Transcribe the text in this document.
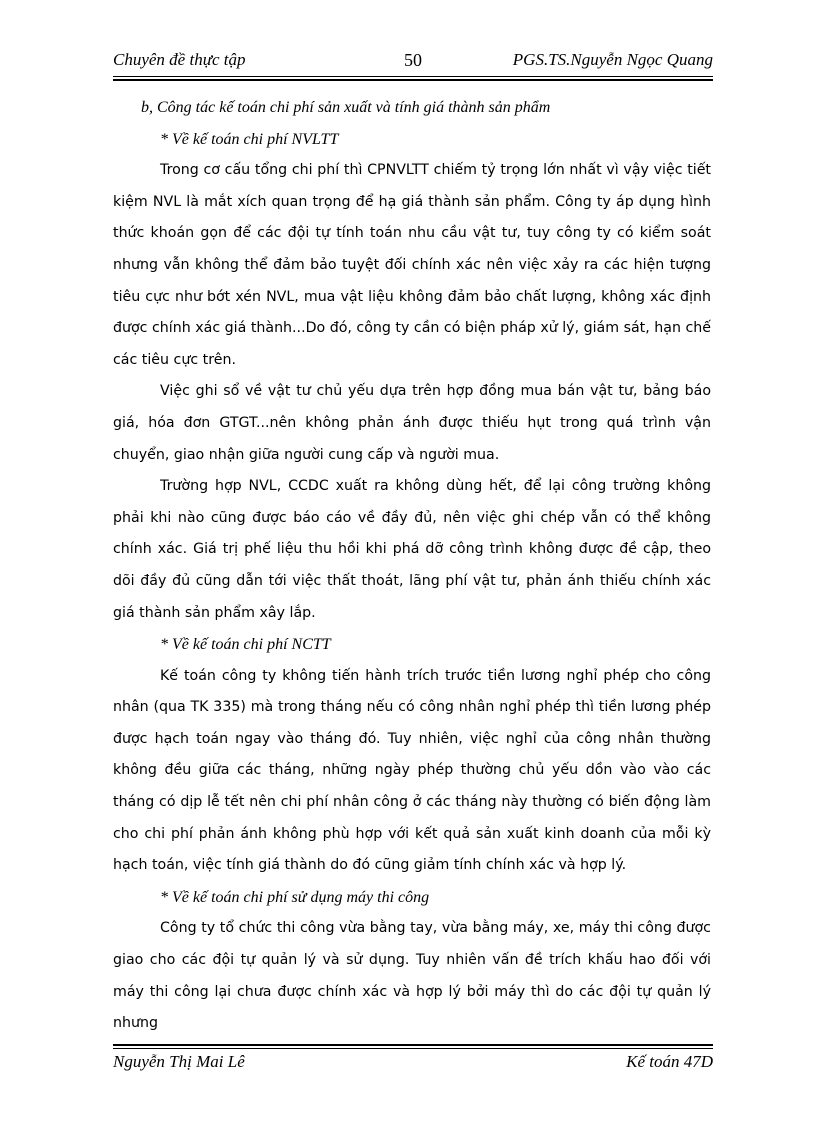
Chuyên đề thực tập	50	PGS.TS.Nguyễn Ngọc Quang

b, Công tác kế toán chi phí sản xuất và tính giá thành sản phẩm

* Về kế toán chi phí NVLTT

Trong cơ cấu tổng chi phí thì CPNVLTT chiếm tỷ trọng lớn nhất vì vậy việc tiết kiệm NVL là mắt xích quan trọng để hạ giá thành sản phẩm. Công ty áp dụng hình thức khoán gọn để các đội tự tính toán nhu cầu vật tư, tuy công ty có kiểm soát nhưng vẫn không thể đảm bảo tuyệt đối chính xác nên việc xảy ra các hiện tượng tiêu cực như bớt xén NVL, mua vật liệu không đảm bảo chất lượng, không xác định được chính xác giá thành...Do đó, công ty cần có biện pháp xử lý, giám sát, hạn chế các tiêu cực trên.

Việc ghi sổ về vật tư chủ yếu dựa trên hợp đồng mua bán vật tư, bảng báo giá, hóa đơn GTGT...nên không phản ánh được thiếu hụt trong quá trình vận chuyển, giao nhận giữa người cung cấp và người mua.

Trường hợp NVL, CCDC xuất ra không dùng hết, để lại công trường không phải khi nào cũng được báo cáo về đầy đủ, nên việc ghi chép vẫn có thể không chính xác. Giá trị phế liệu thu hồi khi phá dỡ công trình không được đề cập, theo dõi đầy đủ cũng dẫn tới việc thất thoát, lãng phí vật tư, phản ánh thiếu chính xác giá thành sản phẩm xây lắp.

* Về kế toán chi phí NCTT

Kế toán công ty không tiến hành trích trước tiền lương nghỉ phép cho công nhân (qua TK 335) mà trong tháng nếu có công nhân nghỉ phép thì tiền lương phép được hạch toán ngay vào tháng đó. Tuy nhiên, việc nghỉ của công nhân thường không đều giữa các tháng, những ngày phép thường chủ yếu dồn vào vào các tháng có dịp lễ tết nên chi phí nhân công ở các tháng này thường có biến động làm cho chi phí phản ánh không phù hợp với kết quả sản xuất kinh doanh của mỗi kỳ hạch toán, việc tính giá thành do đó cũng giảm tính chính xác và hợp lý.

* Về kế toán chi phí sử dụng máy thi công

Công ty tổ chức thi công vừa bằng tay, vừa bằng máy, xe, máy thi công được giao cho các đội tự quản lý và sử dụng. Tuy nhiên vấn đề trích khấu hao đối với máy thi công lại chưa được chính xác và hợp lý bởi máy thì do các đội tự quản lý nhưng

Nguyễn Thị Mai Lê	Kế toán 47D
